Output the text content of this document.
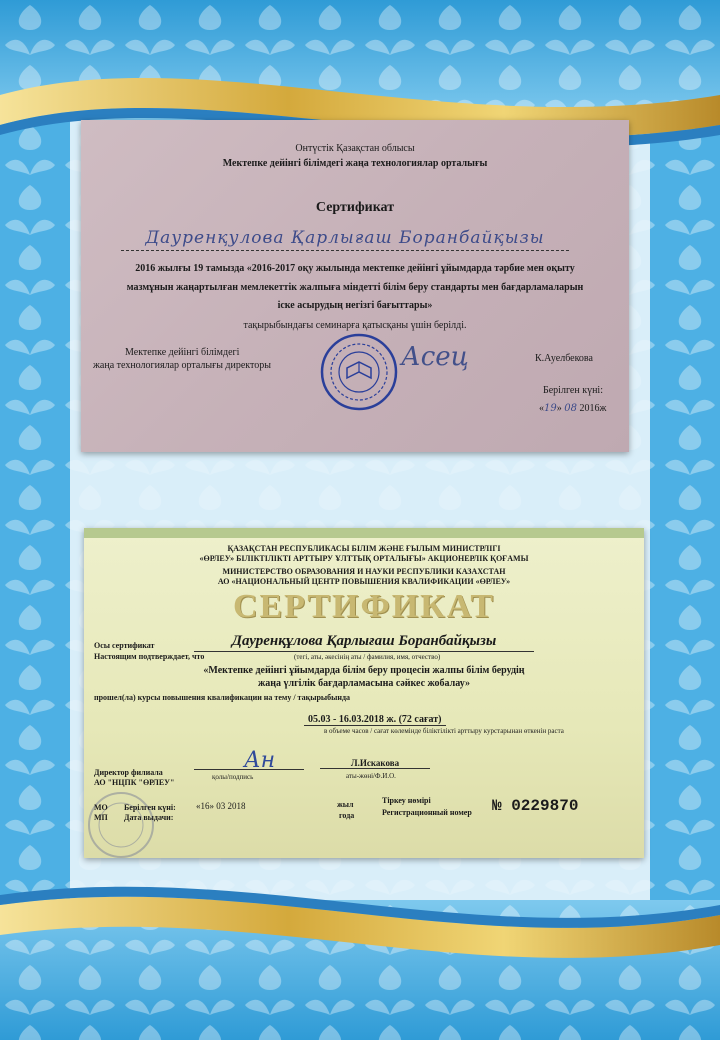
Онтүстік Қазақстан облысы
Мектепке дейінгі білімдегі жаңа технологиялар орталығы
Сертификат
Дауренқулова Қарлығаш Боранбайқызы
2016 жылғы 19 тамызда «2016-2017 оқу жылында мектепке дейінгі ұйымдарда тәрбие мен оқыту
мазмұнын жаңартылған мемлекеттік жалпыға міндетті білім беру стандарты мен бағдарламаларын
іске асырудың негізгі бағыттары»
тақырыбындағы семинарға қатысқаны үшін берілді.
Мектепке дейінгі білімдегі
жаңа технологиялар орталығы директоры	Асец	К.Ауелбекова
Берілген күні:
«19» 08 2016ж
ҚАЗАҚСТАН РЕСПУБЛИКАСЫ БІЛІМ ЖӘНЕ ҒЫЛЫМ МИНИСТРЛІГІ
«ӨРЛЕУ» БІЛІКТІЛІКТІ АРТТЫРУ ҰЛТТЫҚ ОРТАЛЫҒЫ» АКЦИОНЕРЛІК ҚОҒАМЫ
МИНИСТЕРСТВО ОБРАЗОВАНИЯ И НАУКИ РЕСПУБЛИКИ КАЗАХСТАН
АО «НАЦИОНАЛЬНЫЙ ЦЕНТР ПОВЫШЕНИЯ КВАЛИФИКАЦИИ «ӨРЛЕУ»
СЕРТИФИКАТ
Осы сертификат
Настоящим подтверждает, что
Дауренқұлова Қарлығаш Боранбайқызы
(тегі, аты, әкесінің аты / фамилия, имя, отчество)
«Мектепке дейінгі ұйымдарда білім беру процесін жалпы білім берудің
жаңа үлгілік бағдарламасына сәйкес жобалау»
прошел(ла) курсы повышения квалификации на тему / тақырыбында
05.03 - 16.03.2018 ж. (72 сағат)
в объеме часов / сағат көлемінде біліктілікті арттыру курстарынан өткенін раста
Директор филиала
АО "НЦПК "ӨРЛЕУ"
Ан
қолы/подпись
Л.Искакова
аты-жөні/Ф.И.О.
МО
МП
Берілген күні:
Дата выдачи:
«16» 03 2018	жыл
года
Тіркеу нөмірі
Регистрационный номер № 0229870
